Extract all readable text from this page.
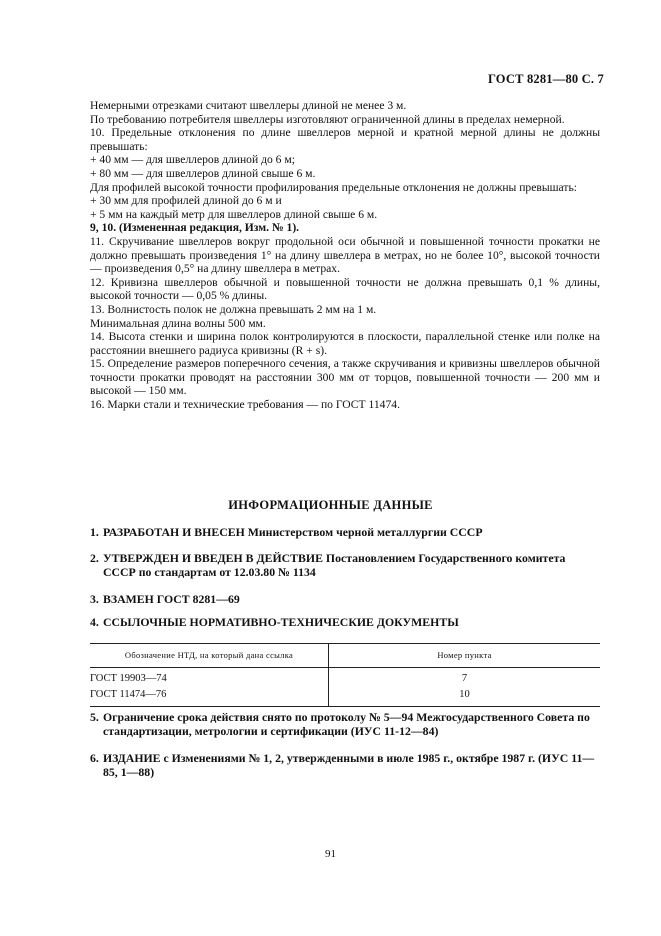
ГОСТ 8281—80 С. 7

Немерными отрезками считают швеллеры длиной не менее 3 м.

По требованию потребителя швеллеры изготовляют ограниченной длины в пределах немерной.

10. Предельные отклонения по длине швеллеров мерной и кратной мерной длины не должны превышать:

+ 40 мм — для швеллеров длиной до 6 м;

+ 80 мм — для швеллеров длиной свыше 6 м.

Для профилей высокой точности профилирования предельные отклонения не должны превышать:

+ 30 мм для профилей длиной до 6 м и

+ 5 мм на каждый метр для швеллеров длиной свыше 6 м.

9, 10. (Измененная редакция, Изм. № 1).

11. Скручивание швеллеров вокруг продольной оси обычной и повышенной точности прокатки не должно превышать произведения 1° на длину швеллера в метрах, но не более 10°, высокой точности — произведения 0,5° на длину швеллера в метрах.

12. Кривизна швеллеров обычной и повышенной точности не должна превышать 0,1 % длины, высокой точности — 0,05 % длины.

13. Волнистость полок не должна превышать 2 мм на 1 м.

Минимальная длина волны 500 мм.

14. Высота стенки и ширина полок контролируются в плоскости, параллельной стенке или полке на расстоянии внешнего радиуса кривизны (R + s).

15. Определение размеров поперечного сечения, а также скручивания и кривизны швеллеров обычной точности прокатки проводят на расстоянии 300 мм от торцов, повышенной точности — 200 мм и высокой — 150 мм.

16. Марки стали и технические требования — по ГОСТ 11474.

ИНФОРМАЦИОННЫЕ ДАННЫЕ
1. РАЗРАБОТАН И ВНЕСЕН Министерством черной металлургии СССР
2. УТВЕРЖДЕН И ВВЕДЕН В ДЕЙСТВИЕ Постановлением Государственного комитета СССР по стандартам от 12.03.80 № 1134
3. ВЗАМЕН ГОСТ 8281—69
4. ССЫЛОЧНЫЕ НОРМАТИВНО-ТЕХНИЧЕСКИЕ ДОКУМЕНТЫ
Обозначение НТД, на который дана ссылка	Номер пункта
ГОСТ 19903—74	7
ГОСТ 11474—76	10
5. Ограничение срока действия снято по протоколу № 5—94 Межгосударственного Совета по стандартизации, метрологии и сертификации (ИУС 11-12—84)
6. ИЗДАНИЕ с Изменениями № 1, 2, утвержденными в июле 1985 г., октябре 1987 г. (ИУС 11—85, 1—88)
91
